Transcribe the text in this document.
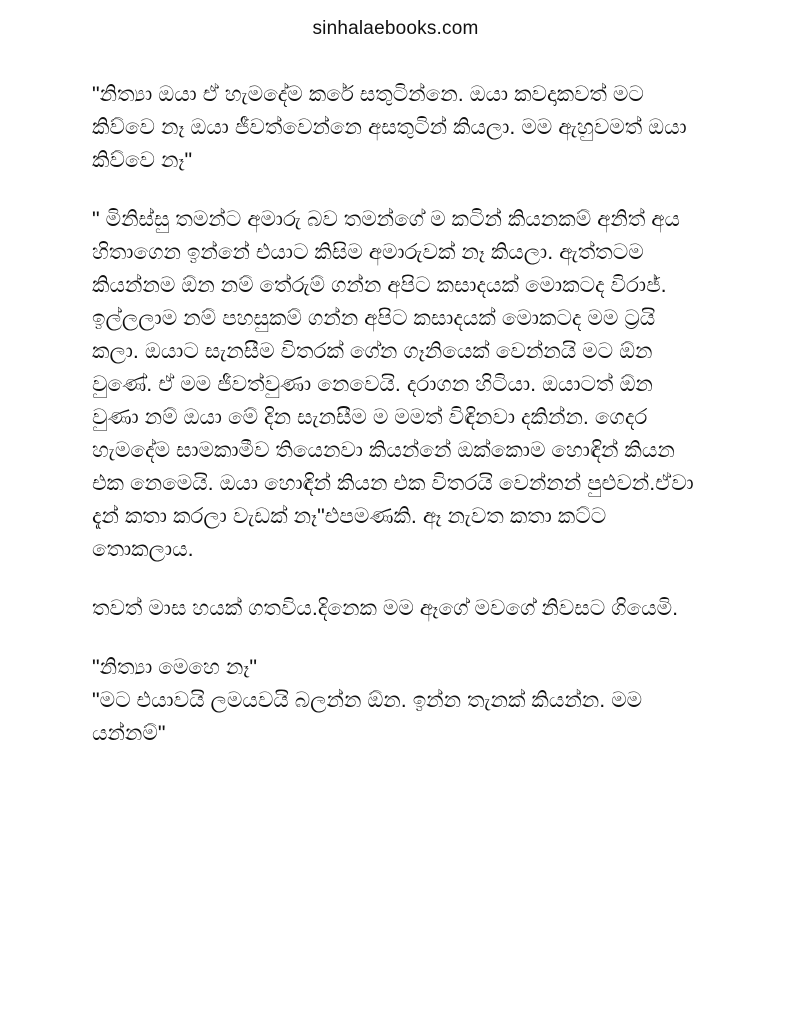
sinhalaebooks.com

"නිත්‍යා ඔයා ඒ හැමදේම කරේ සතුටින්නෙ. ඔයා කවදාකවත් මට කිව්වෙ නෑ ඔයා ජීවත්වෙන්නෙ අසතුටින් කියලා. මම ඇහුවමත් ඔයා කිව්වෙ නෑ"

" මිනිස්සු තමන්ට අමාරු බව තමන්ගේ ම කටින් කියනකම් අනිත් අය හිතාගෙන ඉන්නේ එයාට කිසිම අමාරුවක් නෑ කියලා. ඇත්තටම කියන්නම ඕන නම් තේරුම් ගන්න අපිට කසාදයක් මොකටද විරාජ්. ඉල්ලලාම නම් පහසුකම් ගන්න අපිට කසාදයක් මොකටද මම ට්‍රයි කලා. ඔයාට සැනසීම විතරක් ගේන ගෑනියෙක් වෙන්නයි මට ඕන වුණේ. ඒ මම ජීවත්වුණා නෙවෙයි. දරාගන හිටියා. ඔයාටත් ඕන වුණා නම් ඔයා මේ දින සැනසීම ම මමත් විඳිනවා දකින්න. ගෙදර හැමදේම සාමකාමීව තියෙනවා කියන්නේ ඔක්කොම හොඳින් කියන එක නෙමෙයි. ඔයා හොඳින් කියන එක විතරයි වෙන්නන් පුළුවන්.ඒවා දැන් කතා කරලා වැඩක් නෑ"එපමණකි. ඈ නැවත කතා කට්ට තොකලාය.

තවත් මාස හයක් ගතවිය.දිනෙක මම ඈගේ මවගේ නිවසට ගියෙමි.

"නිත්‍යා මෙහෙ නෑ"

"මට එයාවයි ලමයවයි බලන්න ඕන. ඉන්න තැනක් කියන්න. මම යන්නම්"
